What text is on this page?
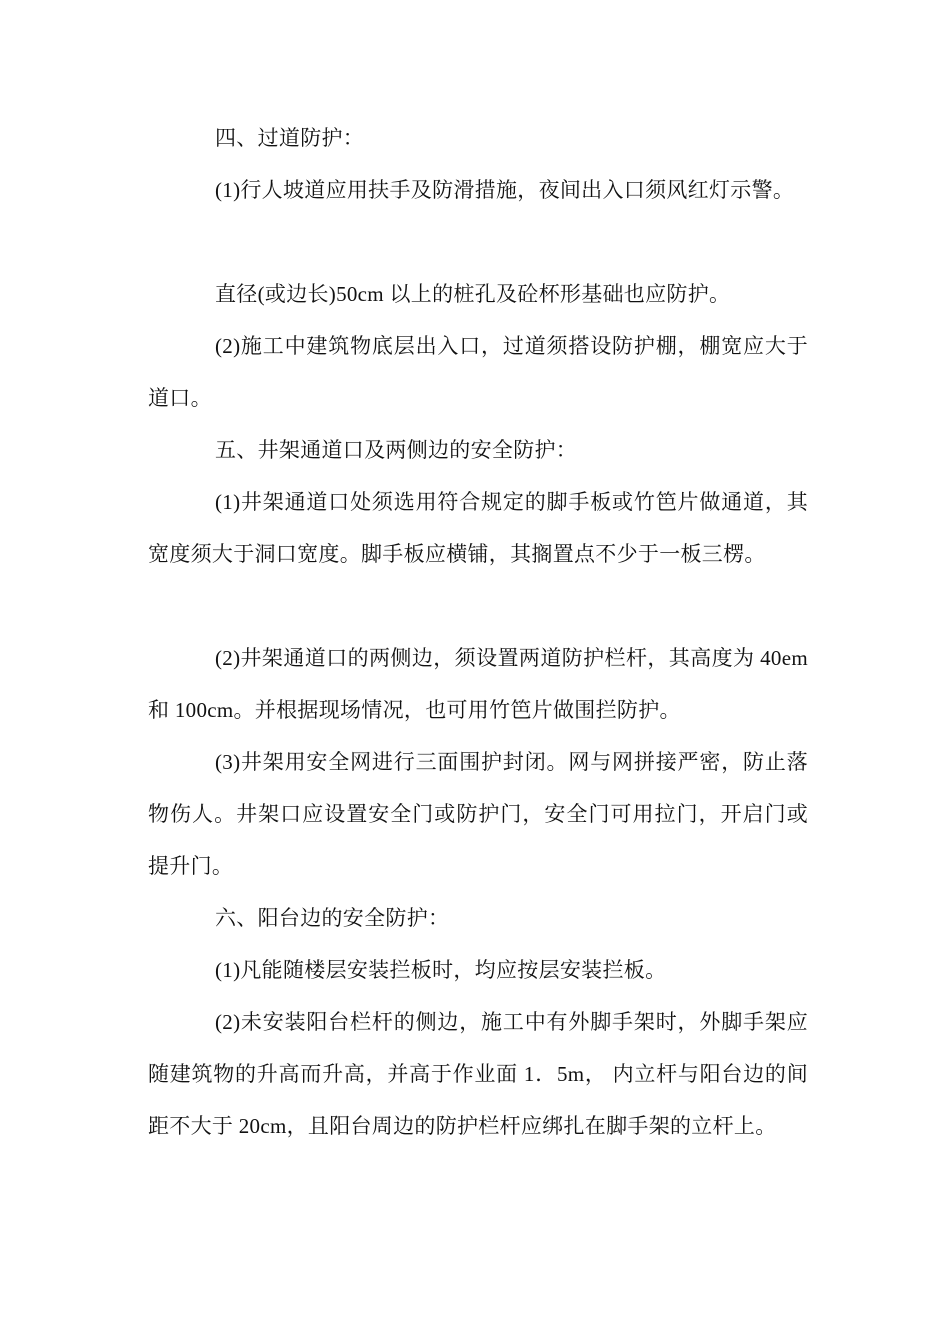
四、过道防护：

(1)行人坡道应用扶手及防滑措施，夜间出入口须风红灯示警。

直径(或边长)50cm 以上的桩孔及砼杯形基础也应防护。

(2)施工中建筑物底层出入口，过道须搭设防护棚，棚宽应大于道口。

五、井架通道口及两侧边的安全防护：

(1)井架通道口处须选用符合规定的脚手板或竹笆片做通道，其宽度须大于洞口宽度。脚手板应横铺，其搁置点不少于一板三楞。

(2)井架通道口的两侧边，须设置两道防护栏杆，其高度为 40em 和 100cm。并根据现场情况，也可用竹笆片做围拦防护。

(3)井架用安全网进行三面围护封闭。网与网拼接严密，防止落物伤人。井架口应设置安全门或防护门，安全门可用拉门，开启门或提升门。

六、阳台边的安全防护：

(1)凡能随楼层安装拦板时，均应按层安装拦板。

(2)未安装阳台栏杆的侧边，施工中有外脚手架时，外脚手架应随建筑物的升高而升高，并高于作业面 1．5m， 内立杆与阳台边的间距不大于 20cm，且阳台周边的防护栏杆应绑扎在脚手架的立杆上。
